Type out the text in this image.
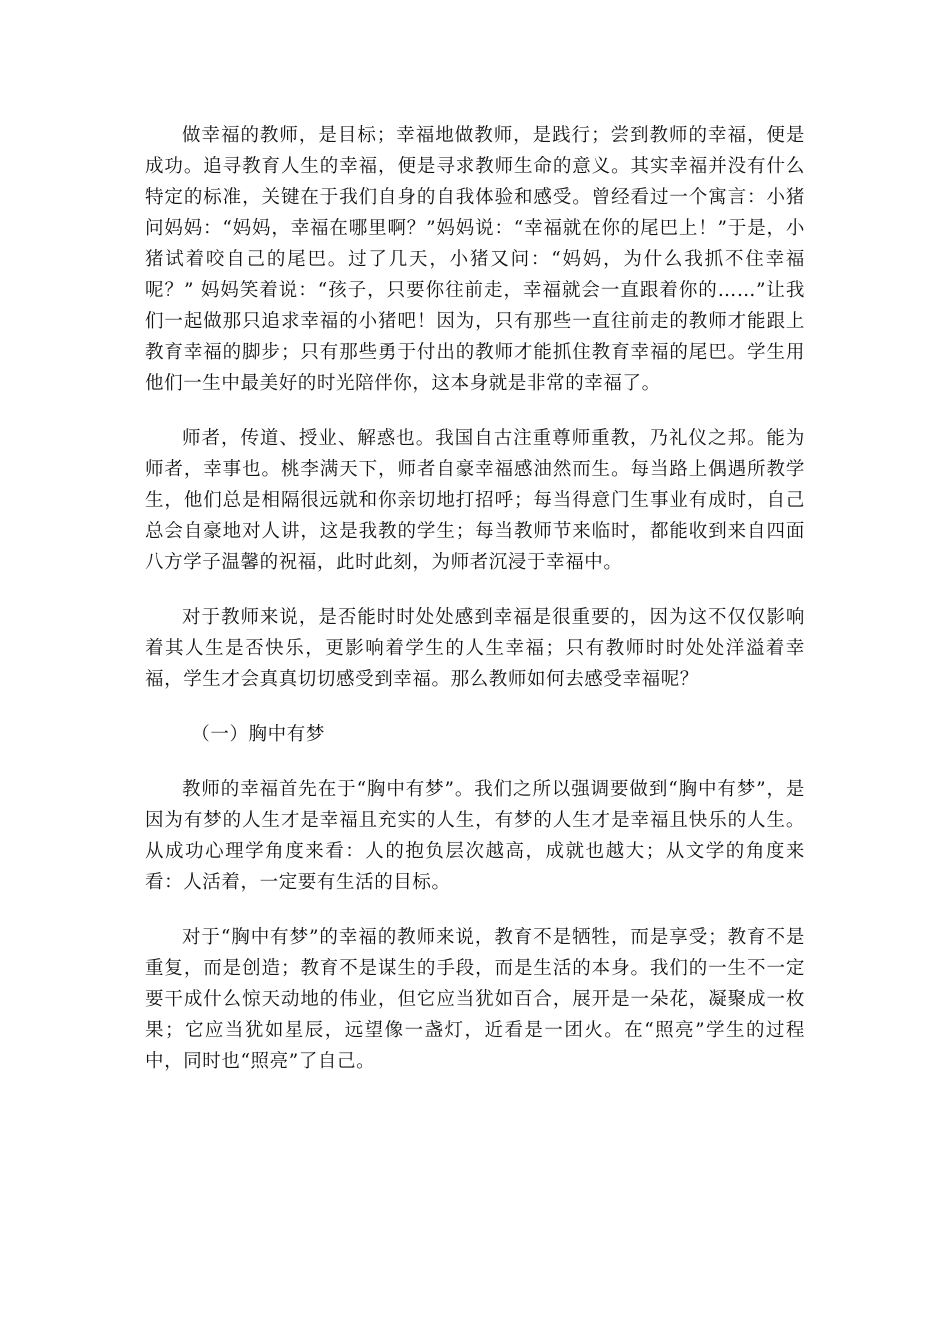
做幸福的教师，是目标；幸福地做教师，是践行；尝到教师的幸福，便是成功。追寻教育人生的幸福，便是寻求教师生命的意义。其实幸福并没有什么特定的标准，关键在于我们自身的自我体验和感受。曾经看过一个寓言：小猪问妈妈：“妈妈，幸福在哪里啊？”妈妈说：“幸福就在你的尾巴上！”于是，小猪试着咬自己的尾巴。过了几天，小猪又问：“妈妈，为什么我抓不住幸福呢？” 妈妈笑着说：“孩子，只要你往前走，幸福就会一直跟着你的……”让我们一起做那只追求幸福的小猪吧！因为，只有那些一直往前走的教师才能跟上教育幸福的脚步；只有那些勇于付出的教师才能抓住教育幸福的尾巴。学生用他们一生中最美好的时光陪伴你，这本身就是非常的幸福了。

师者，传道、授业、解惑也。我国自古注重尊师重教，乃礼仪之邦。能为师者，幸事也。桃李满天下，师者自豪幸福感油然而生。每当路上偶遇所教学生，他们总是相隔很远就和你亲切地打招呼；每当得意门生事业有成时，自己总会自豪地对人讲，这是我教的学生；每当教师节来临时，都能收到来自四面八方学子温馨的祝福，此时此刻，为师者沉浸于幸福中。

对于教师来说，是否能时时处处感到幸福是很重要的，因为这不仅仅影响着其人生是否快乐，更影响着学生的人生幸福；只有教师时时处处洋溢着幸福，学生才会真真切切感受到幸福。那么教师如何去感受幸福呢？

（一）胸中有梦

教师的幸福首先在于“胸中有梦”。我们之所以强调要做到“胸中有梦”，是因为有梦的人生才是幸福且充实的人生，有梦的人生才是幸福且快乐的人生。从成功心理学角度来看：人的抱负层次越高，成就也越大；从文学的角度来看：人活着，一定要有生活的目标。

对于“胸中有梦”的幸福的教师来说，教育不是牺牲，而是享受；教育不是重复，而是创造；教育不是谋生的手段，而是生活的本身。我们的一生不一定要干成什么惊天动地的伟业，但它应当犹如百合，展开是一朵花，凝聚成一枚果；它应当犹如星辰，远望像一盏灯，近看是一团火。在“照亮”学生的过程中，同时也“照亮”了自己。
